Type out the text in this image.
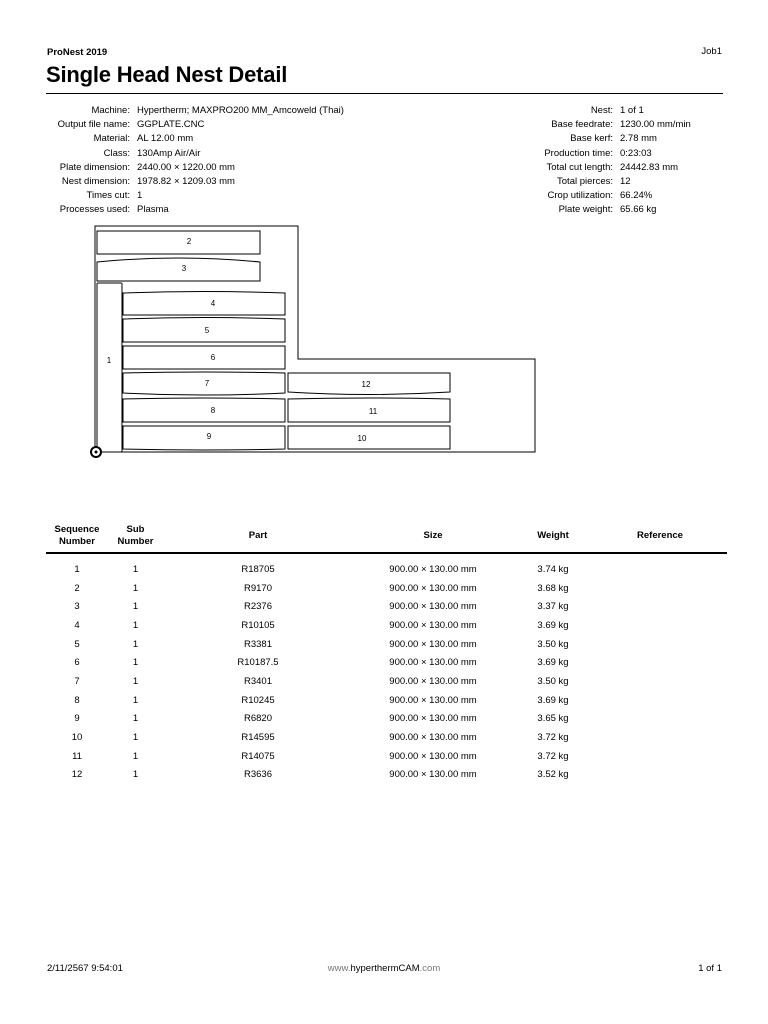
ProNest 2019	Job1
Single Head Nest Detail
Machine: Hypertherm; MAXPRO200 MM_Amcoweld (Thai)
Output file name: GGPLATE.CNC
Material: AL 12.00 mm
Class: 130Amp Air/Air
Plate dimension: 2440.00 × 1220.00 mm
Nest dimension: 1978.82 × 1209.03 mm
Times cut: 1
Processes used: Plasma
Nest: 1 of 1
Base feedrate: 1230.00 mm/min
Base kerf: 2.78 mm
Production time: 0:23:03
Total cut length: 24442.83 mm
Total pierces: 12
Crop utilization: 66.24%
Plate weight: 65.66 kg
1
2
3
4
5
6
7
8
9	10
11
12
Sequence
Number	Sub
Number	Part	Size	Weight	Reference
1	1	R18705	900.00 × 130.00 mm	3.74 kg	
2	1	R9170	900.00 × 130.00 mm	3.68 kg	
3	1	R2376	900.00 × 130.00 mm	3.37 kg	
4	1	R10105	900.00 × 130.00 mm	3.69 kg	
5	1	R3381	900.00 × 130.00 mm	3.50 kg	
6	1	R10187.5	900.00 × 130.00 mm	3.69 kg	
7	1	R3401	900.00 × 130.00 mm	3.50 kg	
8	1	R10245	900.00 × 130.00 mm	3.69 kg	
9	1	R6820	900.00 × 130.00 mm	3.65 kg	
10	1	R14595	900.00 × 130.00 mm	3.72 kg	
11	1	R14075	900.00 × 130.00 mm	3.72 kg	
12	1	R3636	900.00 × 130.00 mm	3.52 kg	
2/11/2567 9:54:01	www.hyperthermCAM.com	1 of 1
